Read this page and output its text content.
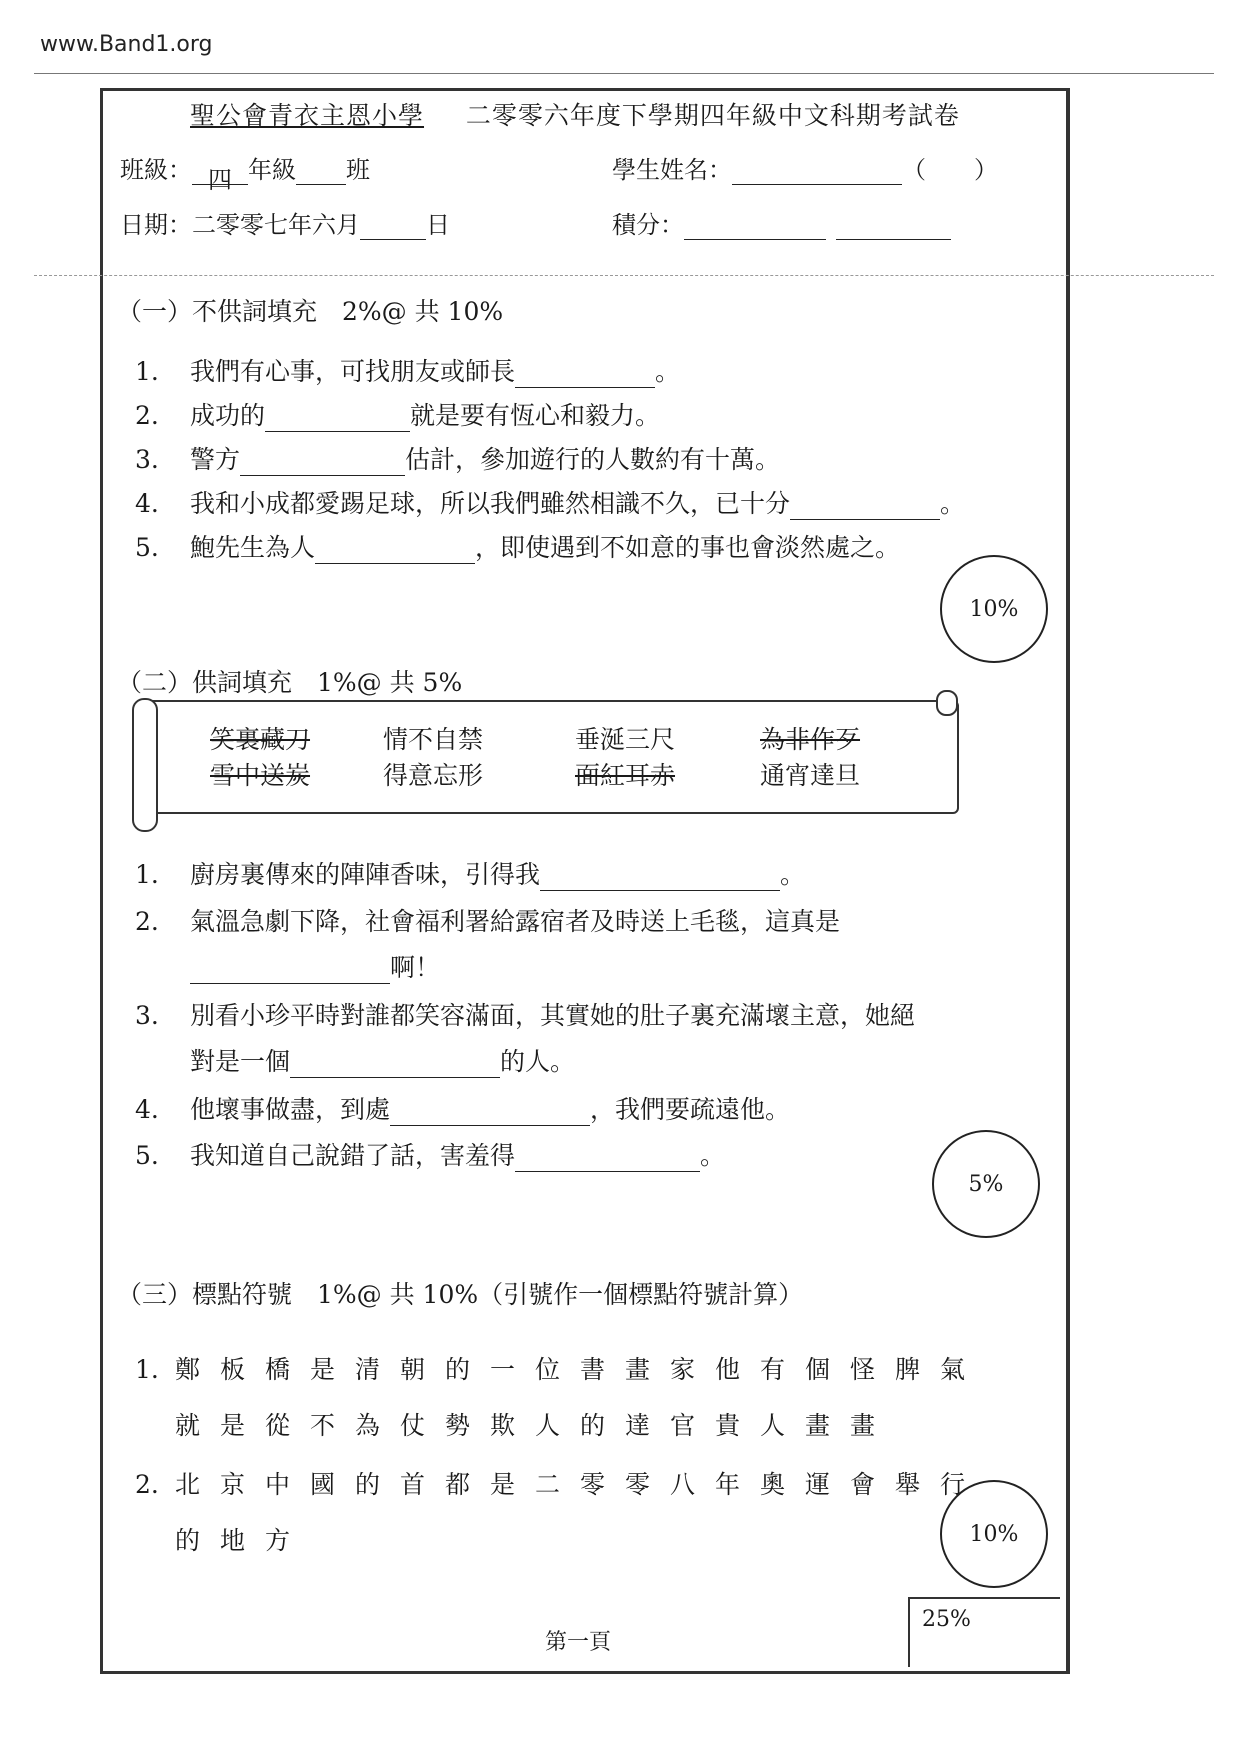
www.Band1.org
聖公會青衣主恩小學 二零零六年度下學期四年級中文科期考試卷
班級： 四 年級 班	學生姓名：	（　　）
日期：二零零七年六月	日	積分：
（一）不供詞填充　2%@ 共 10%
1. 我們有心事，可找朋友或師長	。
2. 成功的	就是要有恆心和毅力。
3. 警方	估計，參加遊行的人數約有十萬。
4. 我和小成都愛踢足球，所以我們雖然相識不久，已十分	。
5. 鮑先生為人	，即使遇到不如意的事也會淡然處之。
10%
（二）供詞填充　1%@ 共 5%
笑裏藏刀	情不自禁	垂涎三尺	為非作歹
雪中送炭	得意忘形	面紅耳赤	通宵達旦
1. 廚房裏傳來的陣陣香味，引得我	。
2. 氣溫急劇下降，社會福利署給露宿者及時送上毛毯，這真是
啊！
3. 別看小珍平時對誰都笑容滿面，其實她的肚子裏充滿壞主意，她絕
對是一個	的人。
4. 他壞事做盡，到處	，我們要疏遠他。
5. 我知道自己說錯了話，害羞得	。
5%
（三）標點符號　1%@ 共 10%（引號作一個標點符號計算）
1. 鄭板橋是清朝的一位書畫家他有個怪脾氣
就是從不為仗勢欺人的達官貴人畫畫
2. 北京中國的首都是二零零八年奧運會舉行
的地方	10%
第一頁
25%
